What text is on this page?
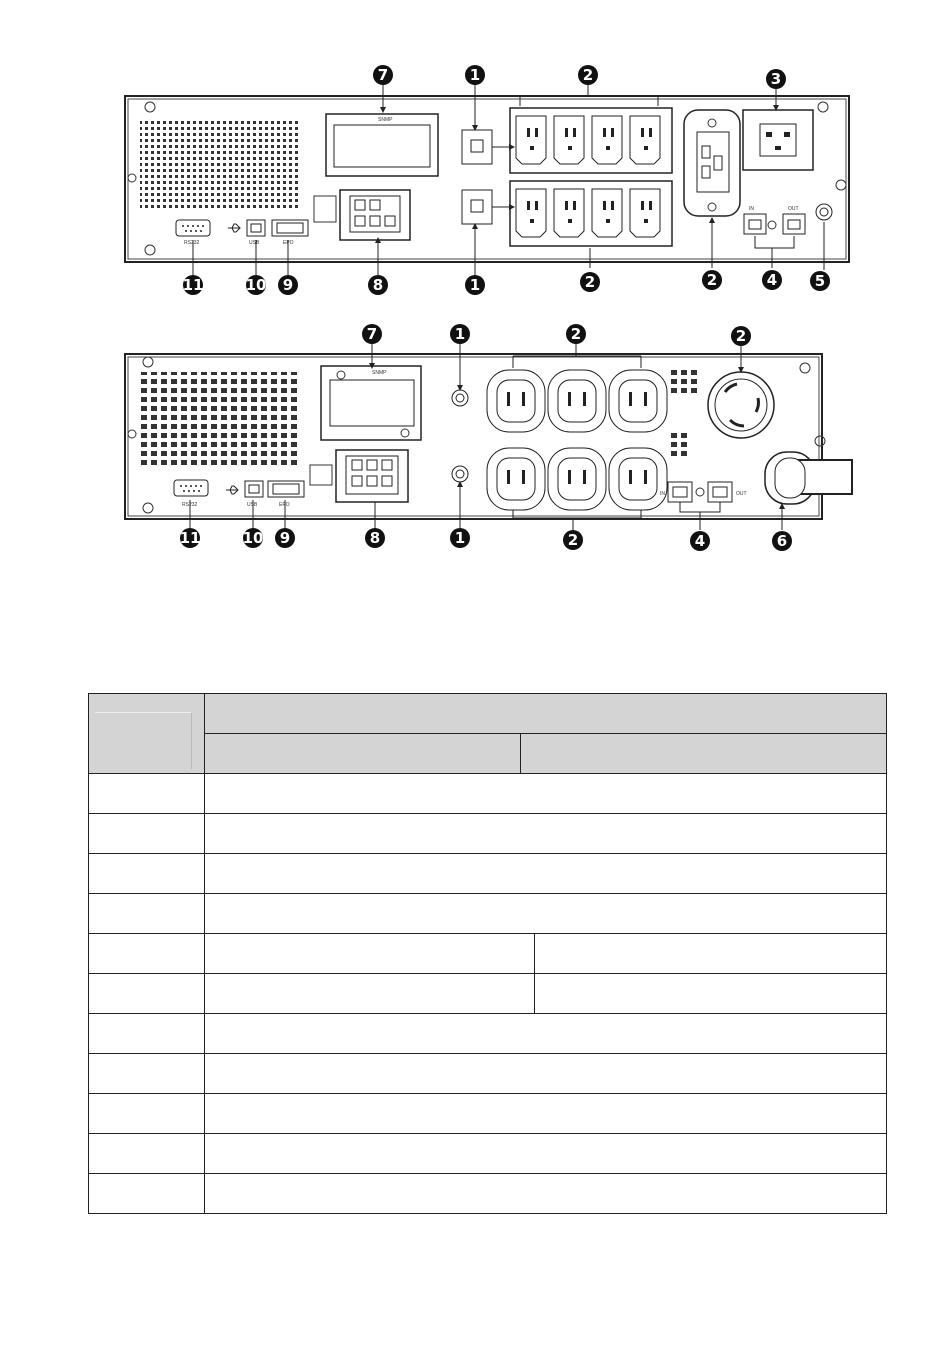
SNMP
IN	OUT
RS232	USB	EPO
7	1	2	3
11	10 9	8	1	2	2	4	5
SNMP
IN	OUT
RS232	USB	EPO
7	1	2	2
11	10 9	8	1	2	4	6
